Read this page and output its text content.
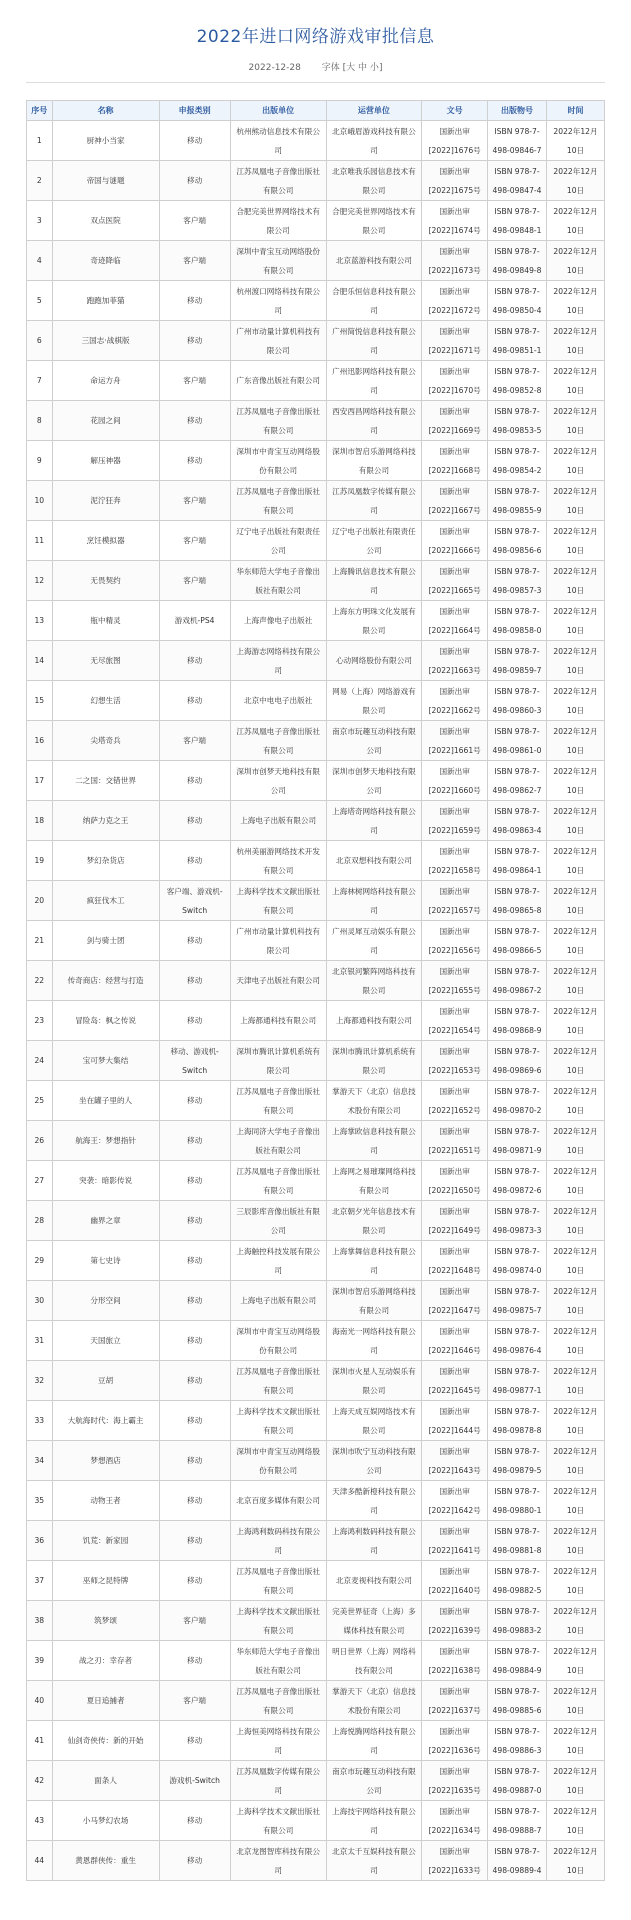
2022年进口网络游戏审批信息
2022-12-28 字体 [大 中 小]
序号	名称	申报类别	出版单位	运营单位	文号	出版物号	时间
1	厨神小当家	移动	杭州熊动信息技术有限公司	北京峨眉游戏科技有限公司	国新出审[2022]1676号	ISBN 978-7-498-09846-7	2022年12月10日
2	帝国与谜题	移动	江苏凤凰电子音像出版社有限公司	北京唯我乐园信息技术有限公司	国新出审[2022]1675号	ISBN 978-7-498-09847-4	2022年12月10日
3	双点医院	客户端	合肥完美世界网络技术有限公司	合肥完美世界网络技术有限公司	国新出审[2022]1674号	ISBN 978-7-498-09848-1	2022年12月10日
4	奇迹降临	客户端	深圳中青宝互动网络股份有限公司	北京蓝游科技有限公司	国新出审[2022]1673号	ISBN 978-7-498-09849-8	2022年12月10日
5	跑跑加菲猫	移动	杭州渡口网络科技有限公司	合肥乐恒信息科技有限公司	国新出审[2022]1672号	ISBN 978-7-498-09850-4	2022年12月10日
6	三国志·战棋版	移动	广州市动量计算机科技有限公司	广州简悦信息科技有限公司	国新出审[2022]1671号	ISBN 978-7-498-09851-1	2022年12月10日
7	命运方舟	客户端	广东音像出版社有限公司	广州迅影网络科技有限公司	国新出审[2022]1670号	ISBN 978-7-498-09852-8	2022年12月10日
8	花园之间	移动	江苏凤凰电子音像出版社有限公司	西安西昌网络科技有限公司	国新出审[2022]1669号	ISBN 978-7-498-09853-5	2022年12月10日
9	解压神器	移动	深圳市中青宝互动网络股份有限公司	深圳市智启乐游网络科技有限公司	国新出审[2022]1668号	ISBN 978-7-498-09854-2	2022年12月10日
10	泥泞狂奔	客户端	江苏凤凰电子音像出版社有限公司	江苏凤凰数字传媒有限公司	国新出审[2022]1667号	ISBN 978-7-498-09855-9	2022年12月10日
11	烹饪模拟器	客户端	辽宁电子出版社有限责任公司	辽宁电子出版社有限责任公司	国新出审[2022]1666号	ISBN 978-7-498-09856-6	2022年12月10日
12	无畏契约	客户端	华东师范大学电子音像出版社有限公司	上海腾讯信息技术有限公司	国新出审[2022]1665号	ISBN 978-7-498-09857-3	2022年12月10日
13	瓶中精灵	游戏机-PS4	上海声像电子出版社	上海东方明珠文化发展有限公司	国新出审[2022]1664号	ISBN 978-7-498-09858-0	2022年12月10日
14	无尽旅图	移动	上海游志网络科技有限公司	心动网络股份有限公司	国新出审[2022]1663号	ISBN 978-7-498-09859-7	2022年12月10日
15	幻想生活	移动	北京中电电子出版社	网易（上海）网络游戏有限公司	国新出审[2022]1662号	ISBN 978-7-498-09860-3	2022年12月10日
16	尖塔奇兵	客户端	江苏凤凰电子音像出版社有限公司	南京市玩趣互动科技有限公司	国新出审[2022]1661号	ISBN 978-7-498-09861-0	2022年12月10日
17	二之国：交错世界	移动	深圳市创梦天地科技有限公司	深圳市创梦天地科技有限公司	国新出审[2022]1660号	ISBN 978-7-498-09862-7	2022年12月10日
18	纳萨力克之王	移动	上海电子出版有限公司	上海塔奇网络科技有限公司	国新出审[2022]1659号	ISBN 978-7-498-09863-4	2022年12月10日
19	梦幻杂货店	移动	杭州美丽游网络技术开发有限公司	北京双想科技有限公司	国新出审[2022]1658号	ISBN 978-7-498-09864-1	2022年12月10日
20	疯狂伐木工	客户端、游戏机-Switch	上海科学技术文献出版社有限公司	上海林树网络科技有限公司	国新出审[2022]1657号	ISBN 978-7-498-09865-8	2022年12月10日
21	剑与骑士团	移动	广州市动量计算机科技有限公司	广州灵犀互动娱乐有限公司	国新出审[2022]1656号	ISBN 978-7-498-09866-5	2022年12月10日
22	传奇商店：经营与打造	移动	天津电子出版社有限公司	北京银河繁阵网络科技有限公司	国新出审[2022]1655号	ISBN 978-7-498-09867-2	2022年12月10日
23	冒险岛：枫之传说	移动	上海都通科技有限公司	上海都通科技有限公司	国新出审[2022]1654号	ISBN 978-7-498-09868-9	2022年12月10日
24	宝可梦大集结	移动、游戏机-Switch	深圳市腾讯计算机系统有限公司	深圳市腾讯计算机系统有限公司	国新出审[2022]1653号	ISBN 978-7-498-09869-6	2022年12月10日
25	坐在罐子里的人	移动	江苏凤凰电子音像出版社有限公司	掌游天下（北京）信息技术股份有限公司	国新出审[2022]1652号	ISBN 978-7-498-09870-2	2022年12月10日
26	航海王：梦想指针	移动	上海同济大学电子音像出版社有限公司	上海掌欧信息科技有限公司	国新出审[2022]1651号	ISBN 978-7-498-09871-9	2022年12月10日
27	突袭：暗影传说	移动	江苏凤凰电子音像出版社有限公司	上海网之易璀璨网络科技有限公司	国新出审[2022]1650号	ISBN 978-7-498-09872-6	2022年12月10日
28	幽界之章	移动	三辰影库音像出版社有限公司	北京朝夕光年信息技术有限公司	国新出审[2022]1649号	ISBN 978-7-498-09873-3	2022年12月10日
29	第七史诗	移动	上海触控科技发展有限公司	上海掌舞信息科技有限公司	国新出审[2022]1648号	ISBN 978-7-498-09874-0	2022年12月10日
30	分形空间	移动	上海电子出版有限公司	深圳市智启乐游网络科技有限公司	国新出审[2022]1647号	ISBN 978-7-498-09875-7	2022年12月10日
31	天国旅立	移动	深圳市中青宝互动网络股份有限公司	海南光一网络科技有限公司	国新出审[2022]1646号	ISBN 978-7-498-09876-4	2022年12月10日
32	豆胡	移动	江苏凤凰电子音像出版社有限公司	深圳市火星人互动娱乐有限公司	国新出审[2022]1645号	ISBN 978-7-498-09877-1	2022年12月10日
33	大航海时代：海上霸主	移动	上海科学技术文献出版社有限公司	上海天成互娱网络技术有限公司	国新出审[2022]1644号	ISBN 978-7-498-09878-8	2022年12月10日
34	梦想酒店	移动	深圳市中青宝互动网络股份有限公司	深圳市吹宁互动科技有限公司	国新出审[2022]1643号	ISBN 978-7-498-09879-5	2022年12月10日
35	动物王者	移动	北京百度多媒体有限公司	天津多酷新橙科技有限公司	国新出审[2022]1642号	ISBN 978-7-498-09880-1	2022年12月10日
36	饥荒：新家园	移动	上海鸿利数码科技有限公司	上海鸿利数码科技有限公司	国新出审[2022]1641号	ISBN 978-7-498-09881-8	2022年12月10日
37	巫师之昆特牌	移动	江苏凤凰电子音像出版社有限公司	北京麦视科技有限公司	国新出审[2022]1640号	ISBN 978-7-498-09882-5	2022年12月10日
38	筑梦颂	客户端	上海科学技术文献出版社有限公司	完美世界征奇（上海）多媒体科技有限公司	国新出审[2022]1639号	ISBN 978-7-498-09883-2	2022年12月10日
39	战之刃：幸存者	移动	华东师范大学电子音像出版社有限公司	明日世界（上海）网络科技有限公司	国新出审[2022]1638号	ISBN 978-7-498-09884-9	2022年12月10日
40	夏日追捕者	客户端	江苏凤凰电子音像出版社有限公司	掌游天下（北京）信息技术股份有限公司	国新出审[2022]1637号	ISBN 978-7-498-09885-6	2022年12月10日
41	仙剑奇侠传：新的开始	移动	上海恒美网络科技有限公司	上海悦腾网络科技有限公司	国新出审[2022]1636号	ISBN 978-7-498-09886-3	2022年12月10日
42	面条人	游戏机-Switch	江苏凤凰数字传媒有限公司	南京市玩趣互动科技有限公司	国新出审[2022]1635号	ISBN 978-7-498-09887-0	2022年12月10日
43	小马梦幻农场	移动	上海科学技术文献出版社有限公司	上海技宇网络科技有限公司	国新出审[2022]1634号	ISBN 978-7-498-09888-7	2022年12月10日
44	黄恩群侠传：重生	移动	北京龙图智库科技有限公司	北京太千互娱科技有限公司	国新出审[2022]1633号	ISBN 978-7-498-09889-4	2022年12月10日
